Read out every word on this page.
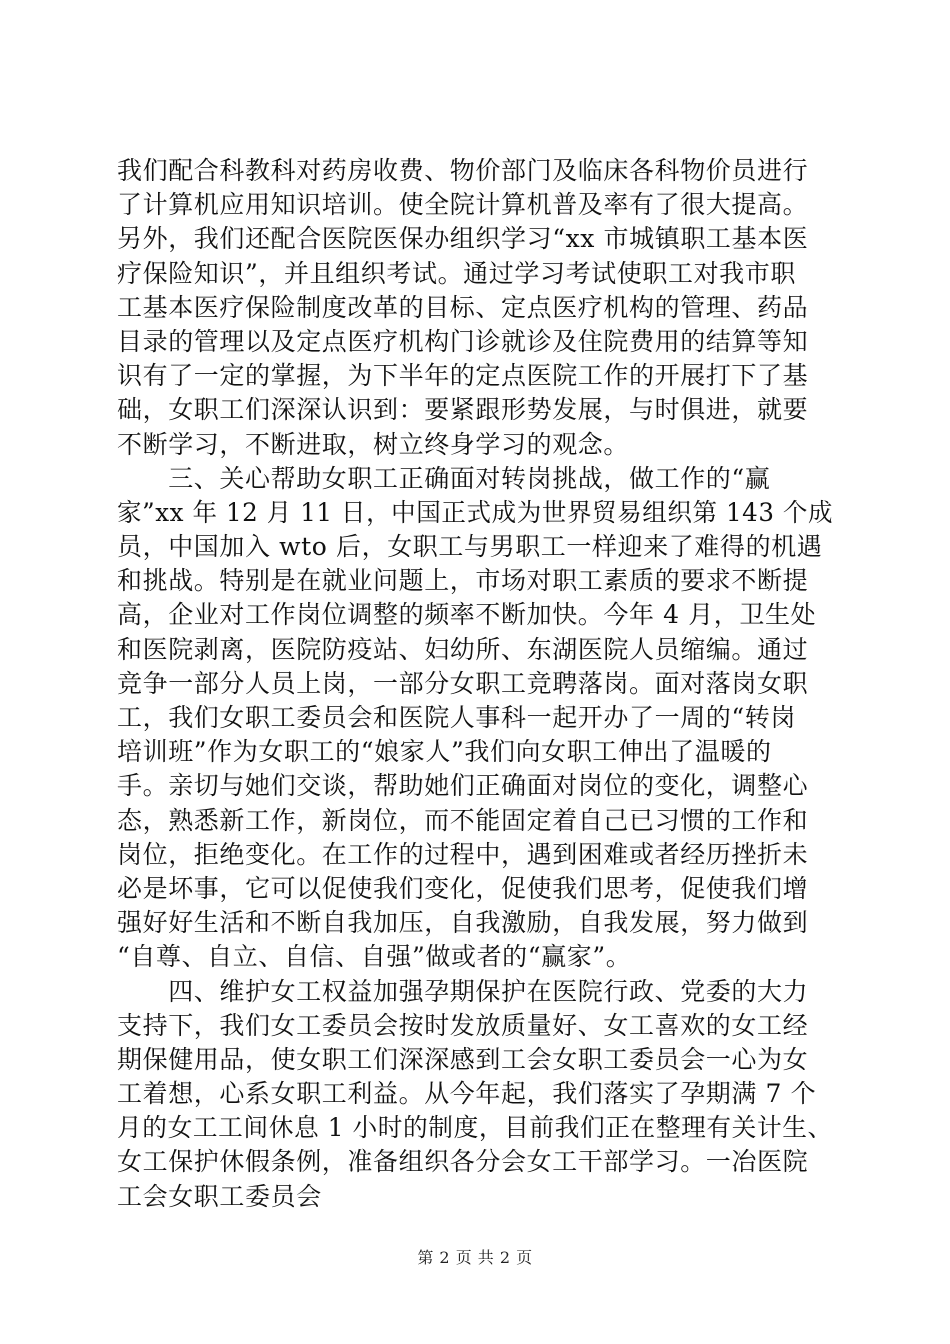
我们配合科教科对药房收费、物价部门及临床各科物价员进行
了计算机应用知识培训。使全院计算机普及率有了很大提高。
另外，我们还配合医院医保办组织学习“xx 市城镇职工基本医
疗保险知识”，并且组织考试。通过学习考试使职工对我市职
工基本医疗保险制度改革的目标、定点医疗机构的管理、药品
目录的管理以及定点医疗机构门诊就诊及住院费用的结算等知
识有了一定的掌握，为下半年的定点医院工作的开展打下了基
础，女职工们深深认识到：要紧跟形势发展，与时俱进，就要
不断学习，不断进取，树立终身学习的观念。
　　三、关心帮助女职工正确面对转岗挑战，做工作的“赢
家”xx 年 12 月 11 日，中国正式成为世界贸易组织第 143 个成
员，中国加入 wto 后，女职工与男职工一样迎来了难得的机遇
和挑战。特别是在就业问题上，市场对职工素质的要求不断提
高，企业对工作岗位调整的频率不断加快。今年 4 月，卫生处
和医院剥离，医院防疫站、妇幼所、东湖医院人员缩编。通过
竞争一部分人员上岗，一部分女职工竞聘落岗。面对落岗女职
工，我们女职工委员会和医院人事科一起开办了一周的“转岗
培训班”作为女职工的“娘家人”我们向女职工伸出了温暖的
手。亲切与她们交谈，帮助她们正确面对岗位的变化，调整心
态，熟悉新工作，新岗位，而不能固定着自己已习惯的工作和
岗位，拒绝变化。在工作的过程中，遇到困难或者经历挫折未
必是坏事，它可以促使我们变化，促使我们思考，促使我们增
强好好生活和不断自我加压，自我激励，自我发展，努力做到
“自尊、自立、自信、自强”做或者的“赢家”。
　　四、维护女工权益加强孕期保护在医院行政、党委的大力
支持下，我们女工委员会按时发放质量好、女工喜欢的女工经
期保健用品，使女职工们深深感到工会女职工委员会一心为女
工着想，心系女职工利益。从今年起，我们落实了孕期满 7 个
月的女工工间休息 1 小时的制度，目前我们正在整理有关计生、
女工保护休假条例，准备组织各分会女工干部学习。一冶医院
工会女职工委员会
第 2 页 共 2 页
